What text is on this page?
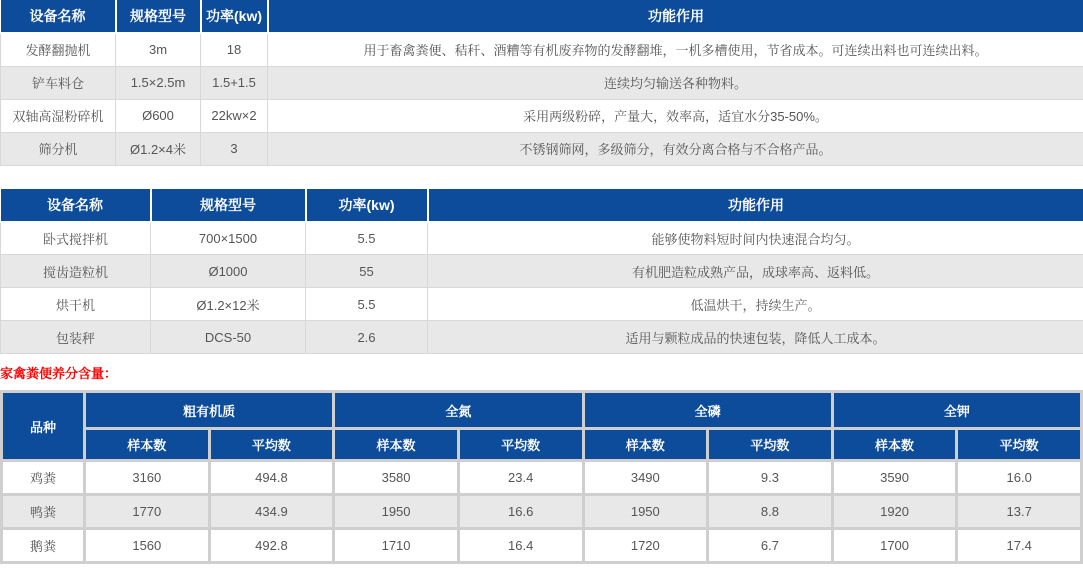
设备名称	规格型号	功率(kw)	功能作用
发酵翻抛机	3m	18	用于畜禽粪便、秸秆、酒糟等有机废弃物的发酵翻堆，一机多槽使用，节省成本。可连续出料也可连续出料。
铲车料仓	1.5×2.5m	1.5+1.5	连续均匀输送各种物料。
双轴高湿粉碎机	Ø600	22kw×2	采用两级粉碎，产量大，效率高，适宜水分35-50%。
筛分机	Ø1.2×4米	3	不锈钢筛网，多级筛分，有效分离合格与不合格产品。
设备名称	规格型号	功率(kw)	功能作用
卧式搅拌机	700×1500	5.5	能够使物料短时间内快速混合均匀。
搅齿造粒机	Ø1000	55	有机肥造粒成熟产品，成球率高、返料低。
烘干机	Ø1.2×12米	5.5	低温烘干，持续生产。
包装秤	DCS-50	2.6	适用与颗粒成品的快速包装，降低人工成本。
家禽粪便养分含量：
品种	粗有机质		全氮		全磷		全钾	
	样本数	平均数	样本数	平均数	样本数	平均数	样本数	平均数
鸡粪	3160	494.8	3580	23.4	3490	9.3	3590	16.0
鸭粪	1770	434.9	1950	16.6	1950	8.8	1920	13.7
鹅粪	1560	492.8	1710	16.4	1720	6.7	1700	17.4
